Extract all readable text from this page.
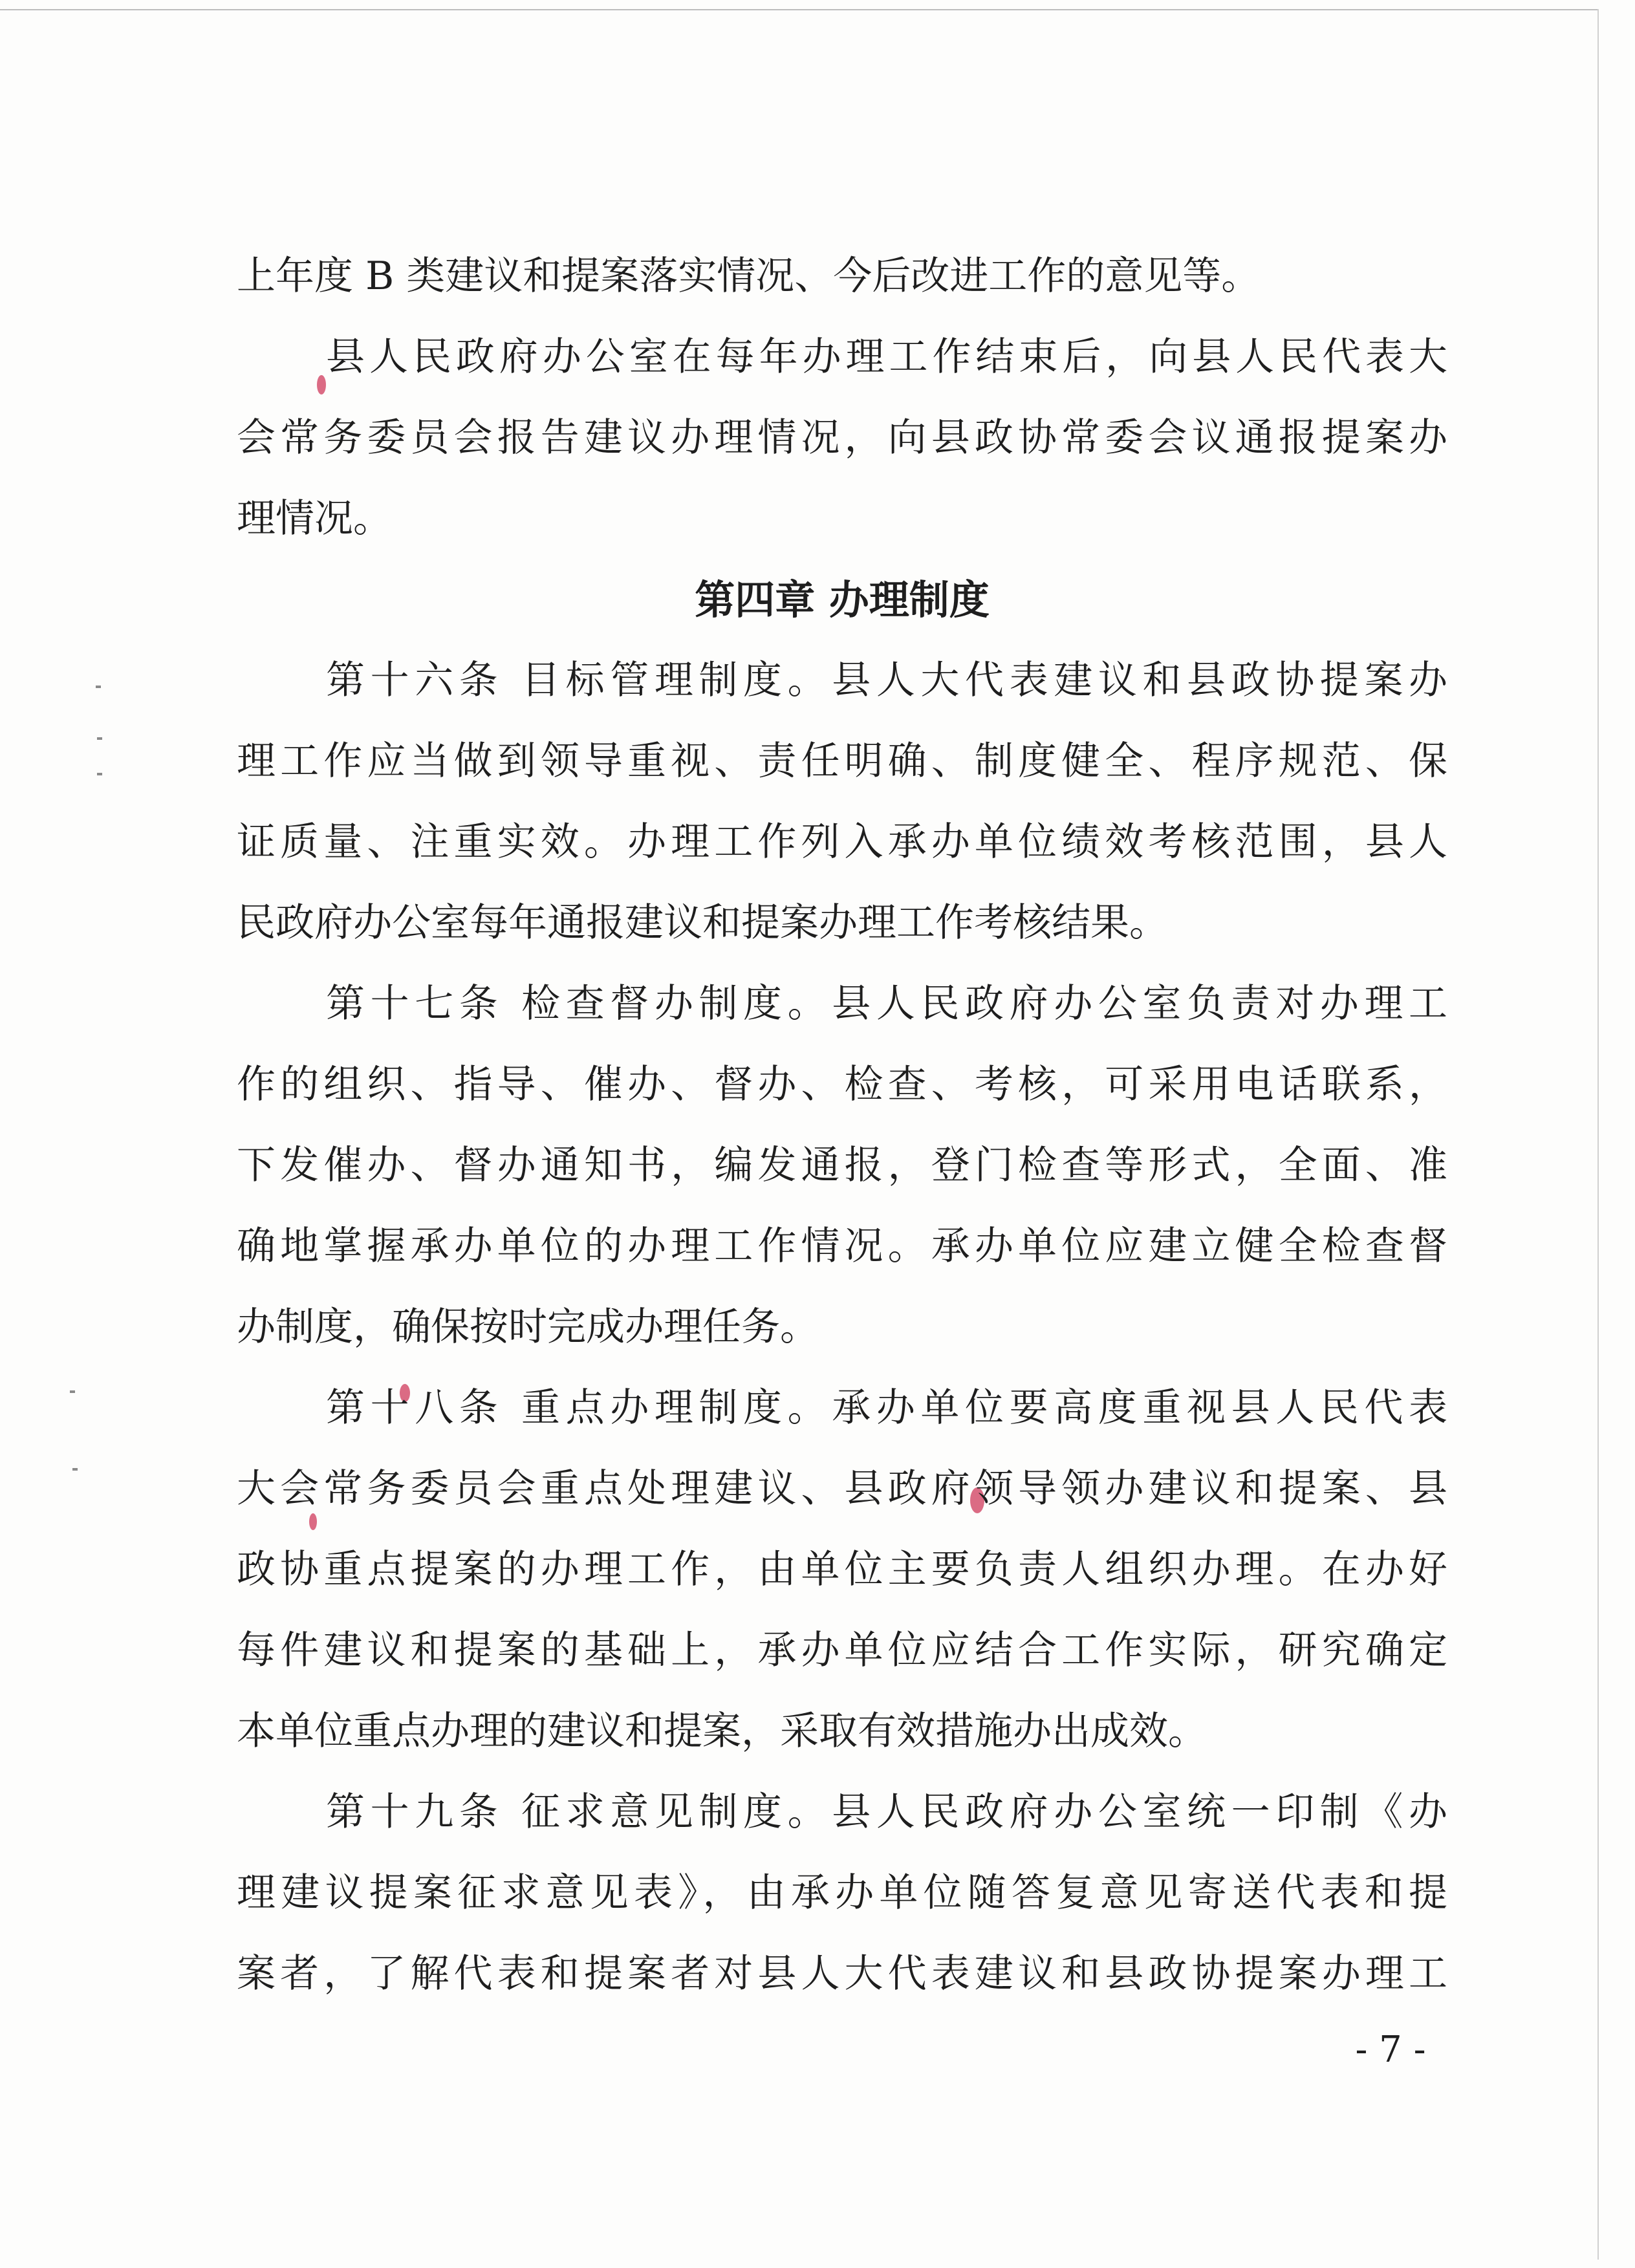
上年度 B 类建议和提案落实情况、今后改进工作的意见等。
县人民政府办公室在每年办理工作结束后，向县人民代表大
会常务委员会报告建议办理情况，向县政协常委会议通报提案办
理情况。
第四章 办理制度
第十六条 目标管理制度。县人大代表建议和县政协提案办
理工作应当做到领导重视、责任明确、制度健全、程序规范、保
证质量、注重实效。办理工作列入承办单位绩效考核范围，县人
民政府办公室每年通报建议和提案办理工作考核结果。
第十七条 检查督办制度。县人民政府办公室负责对办理工
作的组织、指导、催办、督办、检查、考核，可采用电话联系，
下发催办、督办通知书，编发通报，登门检查等形式，全面、准
确地掌握承办单位的办理工作情况。承办单位应建立健全检查督
办制度，确保按时完成办理任务。
第十八条 重点办理制度。承办单位要高度重视县人民代表
大会常务委员会重点处理建议、县政府领导领办建议和提案、县
政协重点提案的办理工作，由单位主要负责人组织办理。在办好
每件建议和提案的基础上，承办单位应结合工作实际，研究确定
本单位重点办理的建议和提案，采取有效措施办出成效。
第十九条 征求意见制度。县人民政府办公室统一印制《办
理建议提案征求意见表》，由承办单位随答复意见寄送代表和提
案者，了解代表和提案者对县人大代表建议和县政协提案办理工
- 7 -
